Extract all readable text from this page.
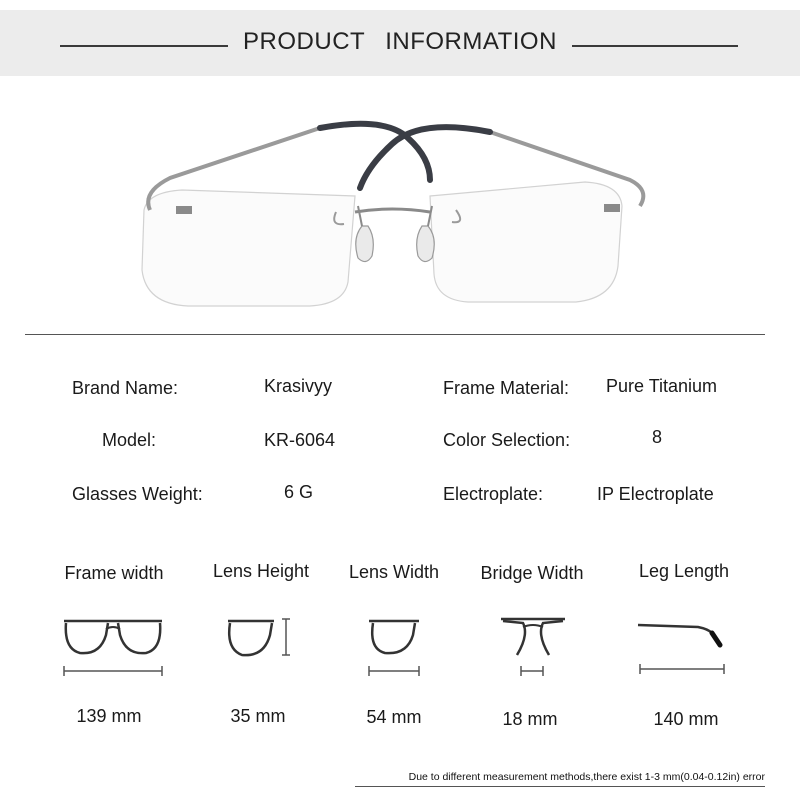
PRODUCT INFORMATION
Brand Name:	Krasivyy	Frame Material: Pure Titanium
Model:	KR-6064	Color Selection:	8
Glasses Weight:	6 G	Electroplate:	IP Electroplate
Frame width	Lens Height	Lens Width	Bridge Width	Leg Length
139 mm	35 mm	54 mm	18 mm	140 mm
Due to different measurement methods,there exist 1-3 mm(0.04-0.12in) error
